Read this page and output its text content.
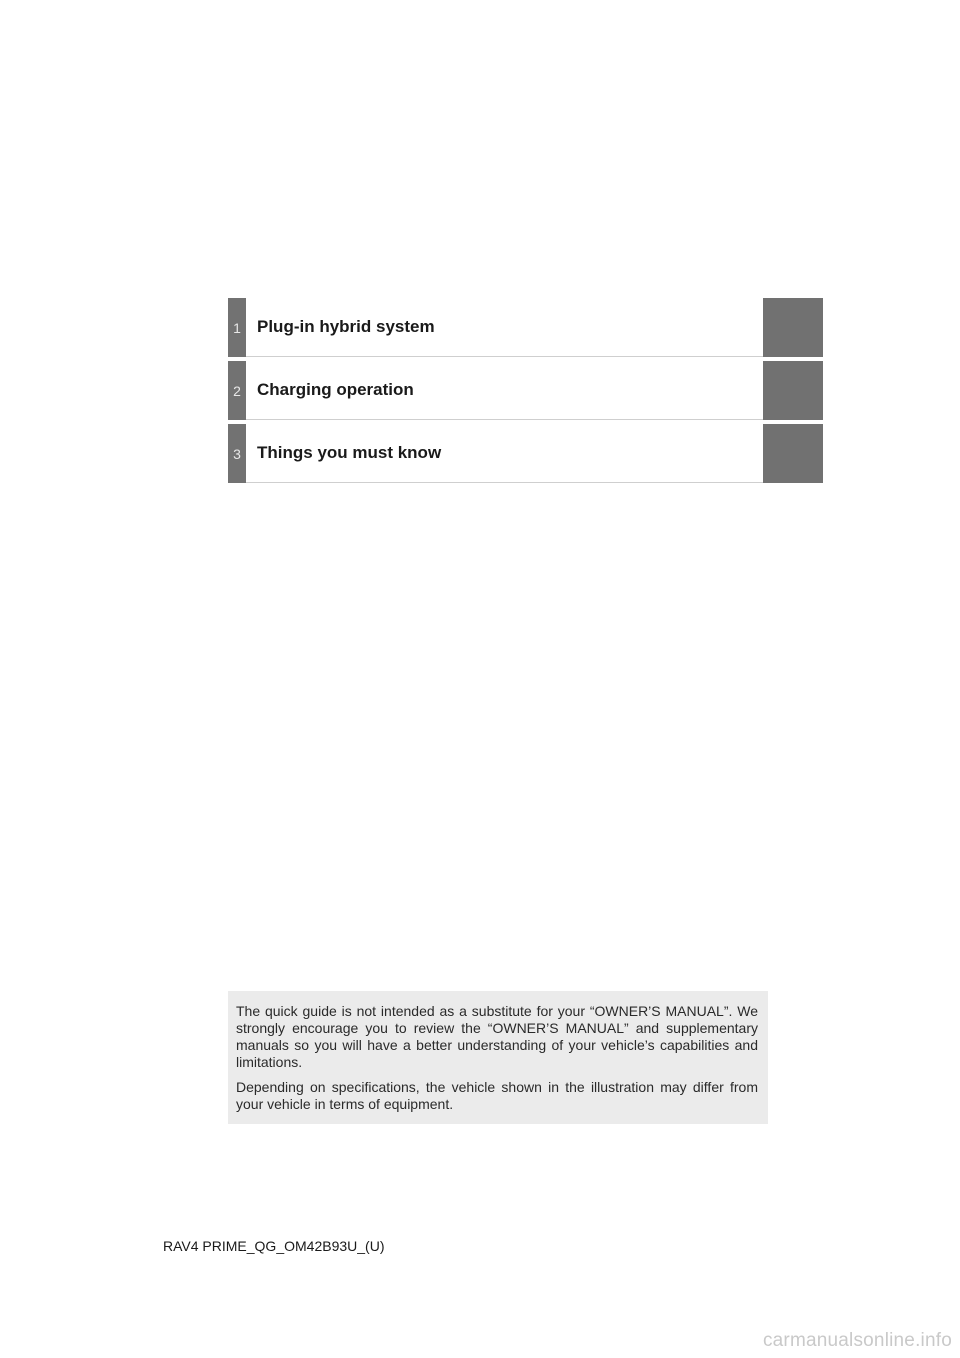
1 Plug-in hybrid system
2 Charging operation
3 Things you must know

The quick guide is not intended as a substitute for your “OWNER’S MANUAL”. We strongly encourage you to review the “OWNER’S MANUAL” and supplementary manuals so you will have a better understanding of your vehicle’s capabilities and limitations.

Depending on specifications, the vehicle shown in the illustration may differ from your vehicle in terms of equipment.

RAV4 PRIME_QG_OM42B93U_(U)
carmanualsonline.info
